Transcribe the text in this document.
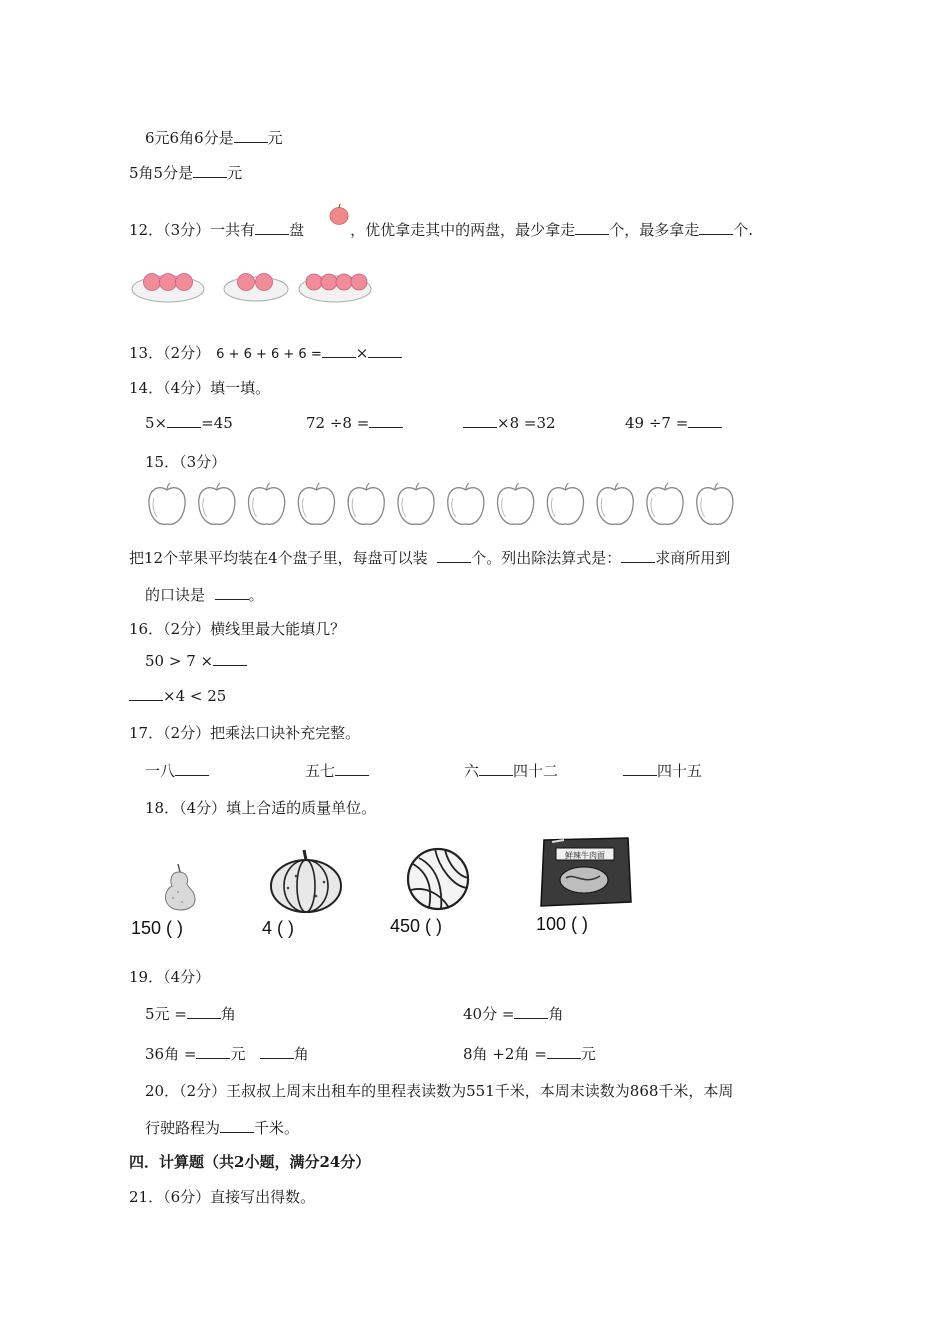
6元6角6分是 元
5角5分是 元
12．（3分）一共有 盘	，优优拿走其中的两盘，最少拿走 个，最多拿走 个.
13．（2分） 6 + 6 + 6 + 6 = ×
14．（4分）填一填。
5× =45	72 ÷8 =	×8 =32	49 ÷7 =
15．（3分）
把12个苹果平均装在4个盘子里，每盘可以装	个。列出除法算式是： 求商所用到
的口诀是	。
16．（2分）横线里最大能填几？
50 > 7 ×
×4 < 25
17．（2分）把乘法口诀补充完整。
一八	五七	六 四十二	四十五
18．（4分）填上合适的质量单位。
鲜辣牛肉面
150 ( )	4 ( )	450 ( )	100 ( )
19．（4分）
5元 = 角	40分 = 角
36角 = 元	角	8角 +2角 = 元
20．（2分）王叔叔上周末出租车的里程表读数为551千米，本周末读数为868千米，本周
行驶路程为 千米。
四．计算题（共2小题，满分24分）
21．（6分）直接写出得数。
